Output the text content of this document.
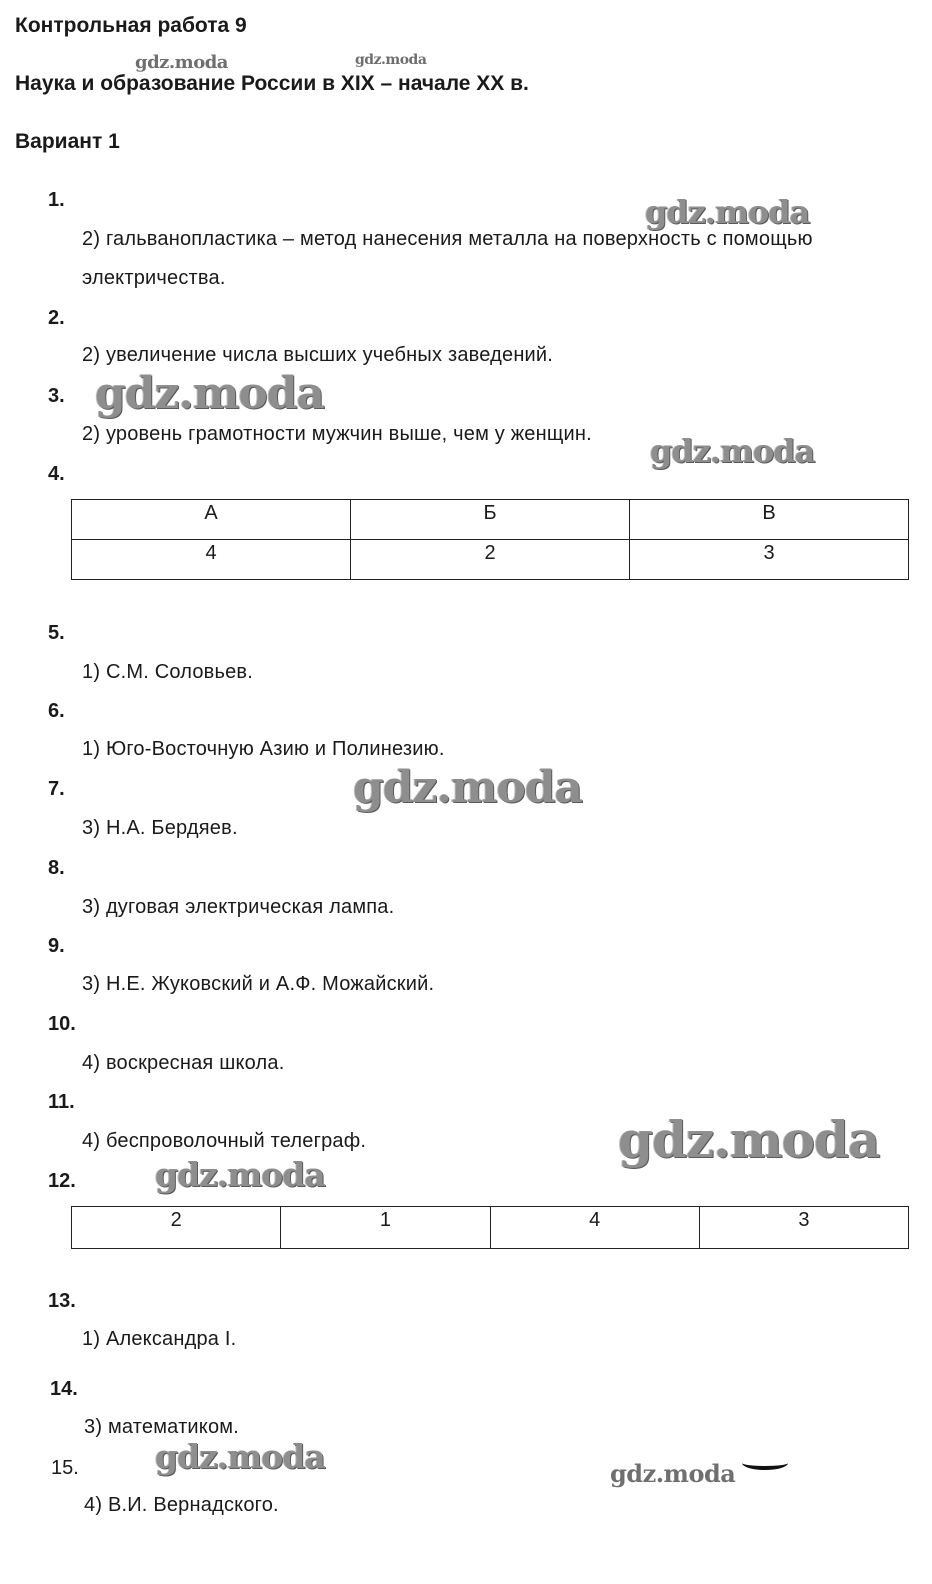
Контрольная работа 9
Наука и образование России в XIX – начале XX в.
Вариант 1
1.
2) гальванопластика – метод нанесения металла на поверхность с помощью
электричества.
2.
2) увеличение числа высших учебных заведений.
3.
2) уровень грамотности мужчин выше, чем у женщин.
4.
А	Б	В
4	2	3
5.
1) С.М. Соловьев.
6.
1) Юго-Восточную Азию и Полинезию.
7.
3) Н.А. Бердяев.
8.
3) дуговая электрическая лампа.
9.
3) Н.Е. Жуковский и А.Ф. Можайский.
10.
4) воскресная школа.
11.
4) беспроволочный телеграф.
12.
2	1	4	3
13.
1) Александра I.
14.
3) математиком.
15.
4) В.И. Вернадского.
gdz.moda	gdz.moda
gdz.moda
gdz.moda
gdz.moda
gdz.moda
gdz.moda
gdz.moda
gdz.moda	gdz.moda
